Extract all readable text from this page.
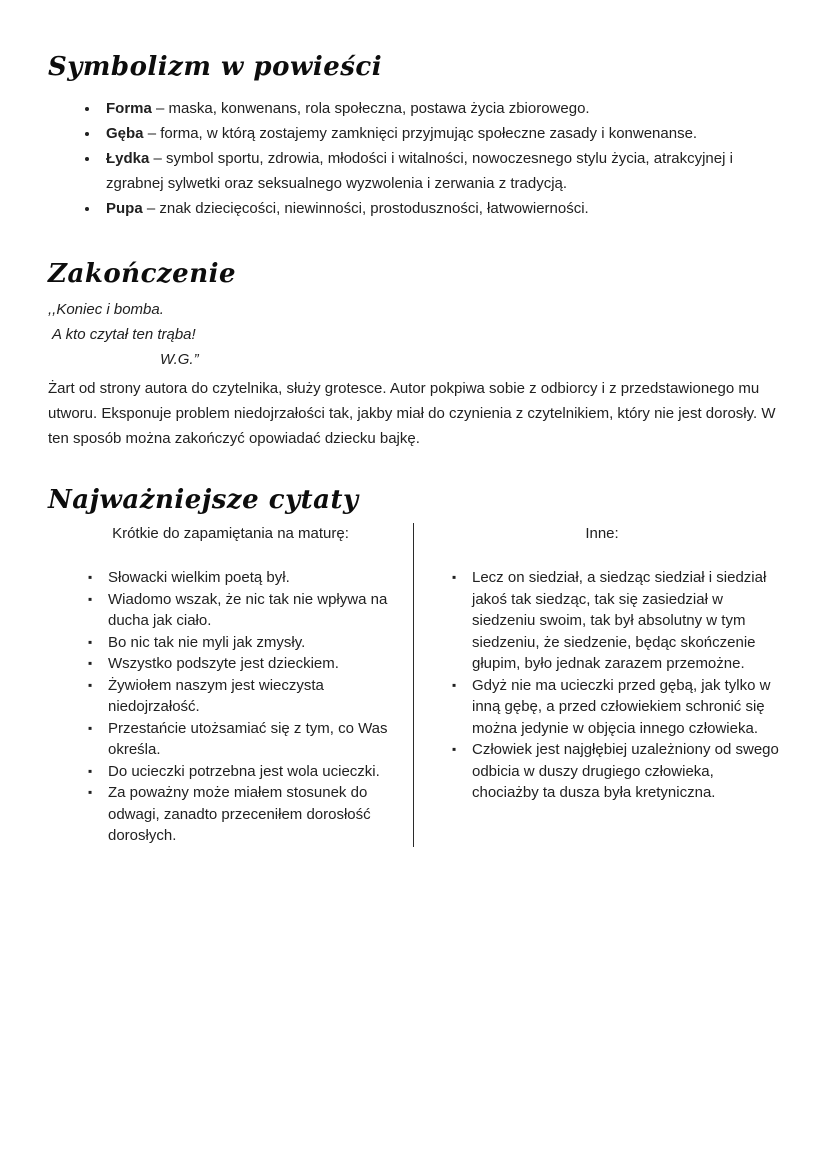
Symbolizm w powieści
• Forma – maska, konwenans, rola społeczna, postawa życia zbiorowego.
• Gęba – forma, w którą zostajemy zamknięci przyjmując społeczne zasady i konwenanse.
• Łydka – symbol sportu, zdrowia, młodości i witalności, nowoczesnego stylu życia, atrakcyjnej i zgrabnej sylwetki oraz seksualnego wyzwolenia i zerwania z tradycją.
• Pupa – znak dziecięcości, niewinności, prostoduszności, łatwowierności.
Zakończenie
,,Koniec i bomba.
A kto czytał ten trąba!
W.G.”

Żart od strony autora do czytelnika, służy grotesce. Autor pokpiwa sobie z odbiorcy i z przedstawionego mu utworu. Eksponuje problem niedojrzałości tak, jakby miał do czynienia z czytelnikiem, który nie jest dorosły. W ten sposób można zakończyć opowiadać dziecku bajkę.

Najważniejsze cytaty
Krótkie do zapamiętania na maturę:
▪ Słowacki wielkim poetą był.
▪ Wiadomo wszak, że nic tak nie wpływa na ducha jak ciało.
▪ Bo nic tak nie myli jak zmysły.
▪ Wszystko podszyte jest dzieckiem.
▪ Żywiołem naszym jest wieczysta niedojrzałość.
▪ Przestańcie utożsamiać się z tym, co Was określa.
▪ Do ucieczki potrzebna jest wola ucieczki.
▪ Za poważny może miałem stosunek do odwagi, zanadto przeceniłem dorosłość dorosłych.
Inne:
▪ Lecz on siedział, a siedząc siedział i siedział jakoś tak siedząc, tak się zasiedział w siedzeniu swoim, tak był absolutny w tym siedzeniu, że siedzenie, będąc skończenie głupim, było jednak zarazem przemożne.
▪ Gdyż nie ma ucieczki przed gębą, jak tylko w inną gębę, a przed człowiekiem schronić się można jedynie w objęcia innego człowieka.
▪ Człowiek jest najgłębiej uzależniony od swego odbicia w duszy drugiego człowieka, chociażby ta dusza była kretyniczna.
